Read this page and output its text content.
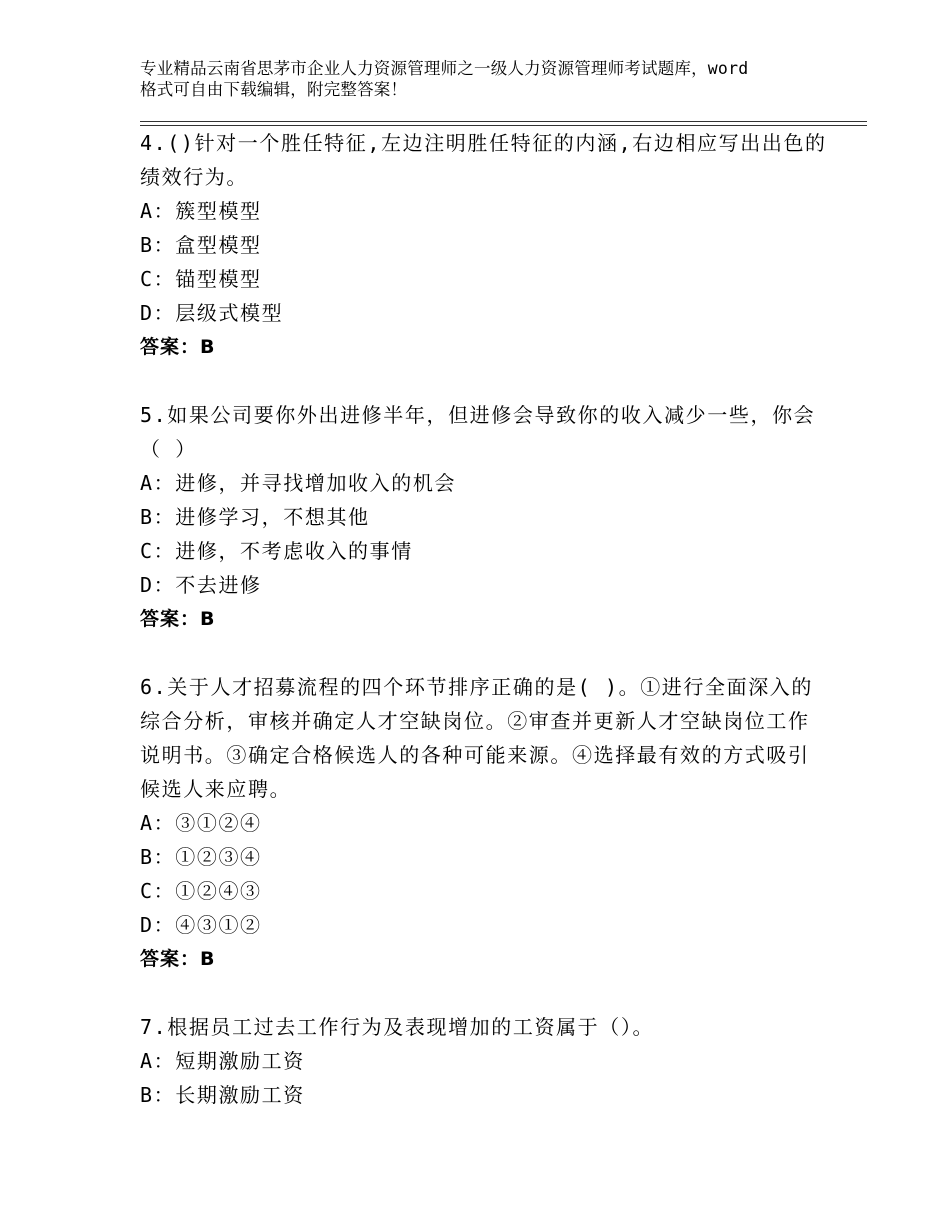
专业精品云南省思茅市企业人力资源管理师之一级人力资源管理师考试题库，word

格式可自由下载编辑，附完整答案！

4.()针对一个胜任特征,左边注明胜任特征的内涵,右边相应写出出色的绩效行为。

A：簇型模型

B：盒型模型

C：锚型模型

D：层级式模型

答案：B

5.如果公司要你外出进修半年，但进修会导致你的收入减少一些，你会（ ）

A：进修，并寻找增加收入的机会

B：进修学习，不想其他

C：进修，不考虑收入的事情

D：不去进修

答案：B

6.关于人才招募流程的四个环节排序正确的是( )。①进行全面深入的综合分析，审核并确定人才空缺岗位。②审查并更新人才空缺岗位工作说明书。③确定合格候选人的各种可能来源。④选择最有效的方式吸引候选人来应聘。

A：③①②④

B：①②③④

C：①②④③

D：④③①②

答案：B

7.根据员工过去工作行为及表现增加的工资属于（）。

A：短期激励工资

B：长期激励工资
